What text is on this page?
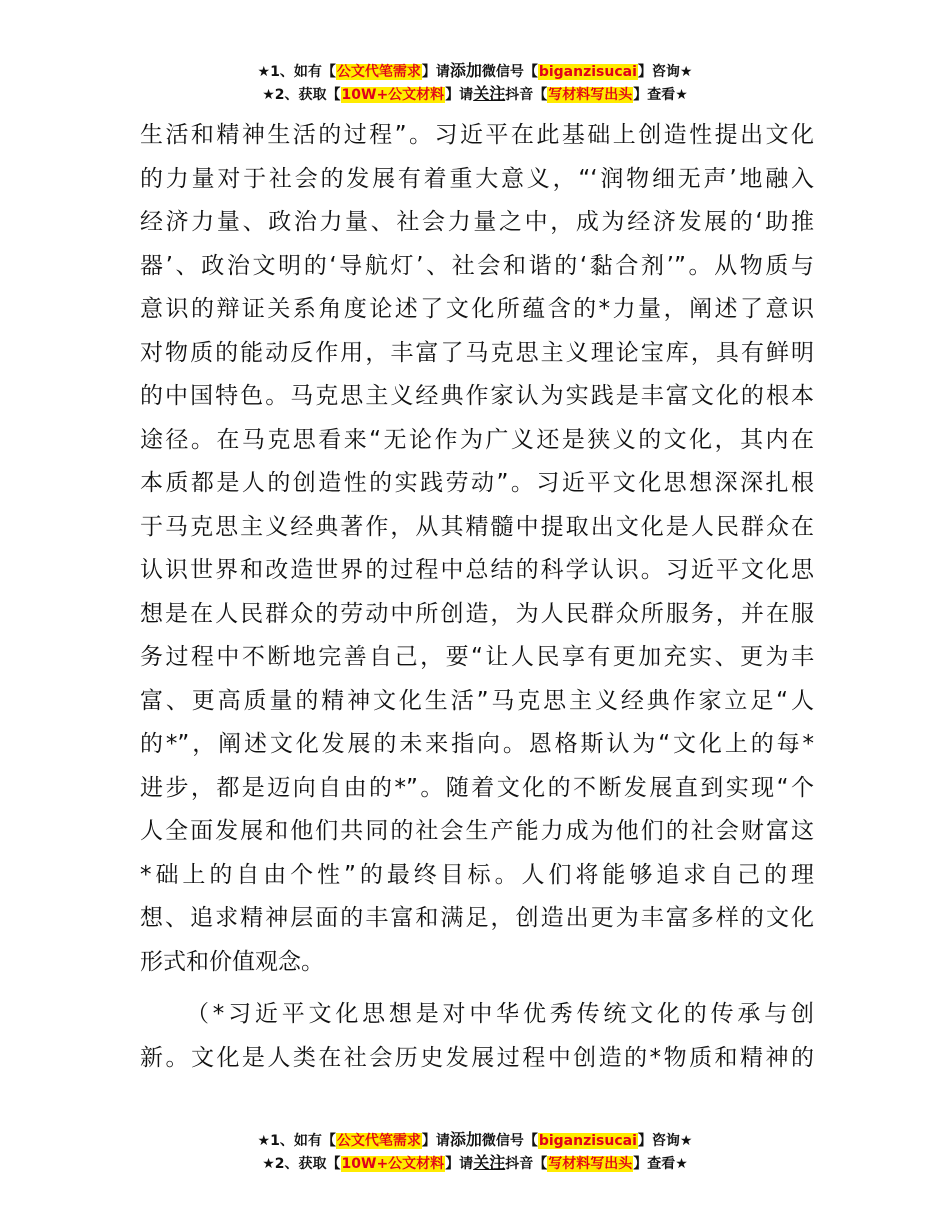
★1、如有【公文代笔需求】请添加微信号【biganzisucai】咨询★
★2、获取【10W+公文材料】请关注抖音【写材料写出头】查看★
生活和精神生活的过程”。习近平在此基础上创造性提出文化
的力量对于社会的发展有着重大意义，“‘润物细无声’地融入
经济力量、政治力量、社会力量之中，成为经济发展的‘助推
器’、政治文明的‘导航灯’、社会和谐的‘黏合剂’”。从物质与
意识的辩证关系角度论述了文化所蕴含的*力量，阐述了意识
对物质的能动反作用，丰富了马克思主义理论宝库，具有鲜明
的中国特色。马克思主义经典作家认为实践是丰富文化的根本
途径。在马克思看来“无论作为广义还是狭义的文化，其内在
本质都是人的创造性的实践劳动”。习近平文化思想深深扎根
于马克思主义经典著作，从其精髓中提取出文化是人民群众在
认识世界和改造世界的过程中总结的科学认识。习近平文化思
想是在人民群众的劳动中所创造，为人民群众所服务，并在服
务过程中不断地完善自己，要“让人民享有更加充实、更为丰
富、更高质量的精神文化生活”马克思主义经典作家立足“人
的*”，阐述文化发展的未来指向。恩格斯认为“文化上的每*
进步，都是迈向自由的*”。随着文化的不断发展直到实现“个
人全面发展和他们共同的社会生产能力成为他们的社会财富这
*础上的自由个性”的最终目标。人们将能够追求自己的理
想、追求精神层面的丰富和满足，创造出更为丰富多样的文化
形式和价值观念。
（*习近平文化思想是对中华优秀传统文化的传承与创
新。文化是人类在社会历史发展过程中创造的*物质和精神的
★1、如有【公文代笔需求】请添加微信号【biganzisucai】咨询★
★2、获取【10W+公文材料】请关注抖音【写材料写出头】查看★
